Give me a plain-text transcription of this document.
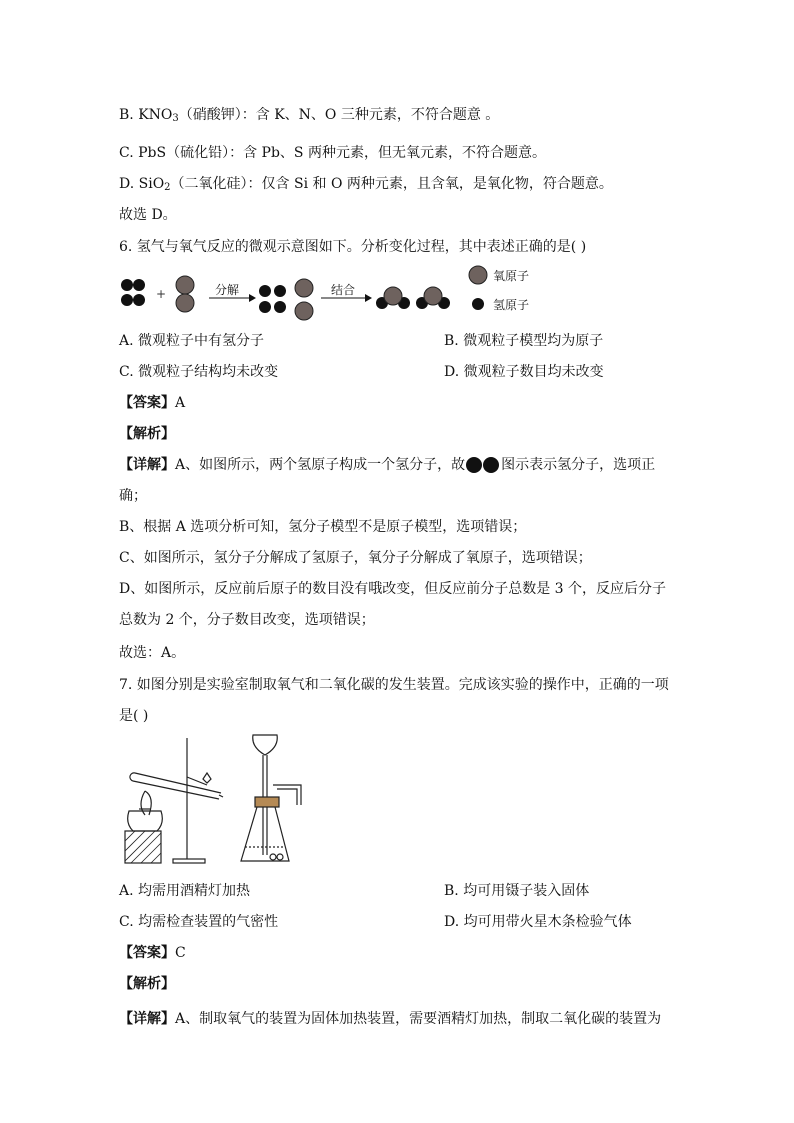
B. $KNO_3$（硝酸钾）：含 K、N、O 三种元素，不符合题意 。
C. PbS（硫化铅）：含 Pb、S 两种元素，但无氧元素，不符合题意。
D. SiO$_2$（二氧化硅）：仅含 Si 和 O 两种元素，且含氧，是氧化物，符合题意。
故选 D。
6. 氢气与氧气反应的微观示意图如下。分析变化过程，其中表述正确的是( )
+	分解	结合
氧原子
氢原子
A. 微观粒子中有氢分子	B. 微观粒子模型均为原子
C. 微观粒子结构均未改变	D. 微观粒子数目均未改变
【答案】A
【解析】
【详解】A、如图所示，两个氢原子构成一个氢分子，故	图示表示氢分子，选项正
确；
B、根据 A 选项分析可知，氢分子模型不是原子模型，选项错误；
C、如图所示，氢分子分解成了氢原子，氧分子分解成了氧原子，选项错误；
D、如图所示，反应前后原子的数目没有哦改变，但反应前分子总数是 3 个，反应后分子
总数为 2 个，分子数目改变，选项错误；
故选：A。
7. 如图分别是实验室制取氧气和二氧化碳的发生装置。完成该实验的操作中，正确的一项
是( )
A. 均需用酒精灯加热	B. 均可用镊子装入固体
C. 均需检查装置的气密性	D. 均可用带火星木条检验气体
【答案】C
【解析】
【详解】A、制取氧气的装置为固体加热装置，需要酒精灯加热，制取二氧化碳的装置为
